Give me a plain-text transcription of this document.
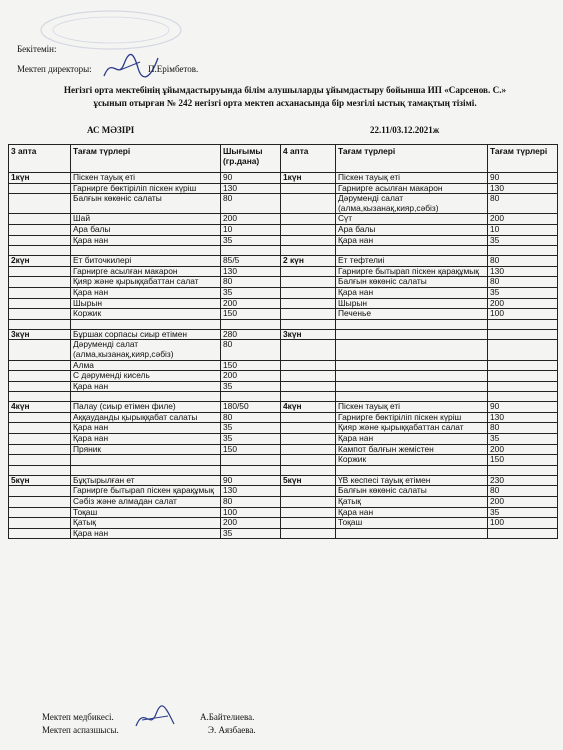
Бекітемін:
Мектеп директоры:	П.Ерімбетов.
Негізгі орта мектебінің ұйымдастыруында білім алушыларды ұйымдастыру бойынша ИП «Сарсенов. С.»
ұсынып отырған № 242 негізгі орта мектеп асханасында бір мезгілі ыстық тамақтың тізімі.
АС МӘЗІРІ	22.11/03.12.2021ж
3 апта	Тағам түрлері	Шығымы (гр.дана)	4 апта	Тағам түрлері	Тағам түрлері
1күн	Піскен тауық еті	90	1күн	Піскен тауық еті	90
	Гарнирге бөктіріліп піскен күріш	130		Гарнирге асылған макарон	130
	Балғын көкөніс салаты	80		Дәрумендi салат (алма,кызанақ,кияр,сәбіз)	80
	Шай	200		Сүт	200
	Ара балы	10		Ара балы	10
	Қара нан	35		Қара нан	35

2күн	Ет биточкилері	85/5	2 күн	Ет тефтелиі	80
	Гарнирге асылған макарон	130		Гарнирге бытырап піскен қарақұмық	130
	Қияр және қырыққабаттан салат	80		Балғын көкөніс салаты	80
	Қара нан	35		Қара нан	35
	Шырын	200		Шырын	200
	Коржик	150		Печенье	100

3күн	Бұршак сорпасы сиыр етімен	280	3күн		
	Дәрумендi салат (алма,кызанақ,кияр,сәбіз)	80			
	Алма	150			
	С дәрумендi кисель	200			
	Қара нан	35			

4күн	Палау (сиыр етімен филе)	180/50	4күн	Піскен тауық еті	90
	Аққауданды қырыққабат салаты	80		Гарнирге бөктіріліп піскен күріш	130
	Қара нан	35		Қияр және қырыққабаттан салат	80
	Қара нан	35		Қара нан	35
	Пряник	150		Кампот балғын жемістен	200
				Коржик	150

5күн	Бұқтырылған ет	90	5күн	ҮВ кеспесі тауық етімен	230
	Гарнирге бытырап піскен қарақұмық	130		Балғын көкөніс салаты	80
	Сәбіз және алмадан салат	80		Қатық	200
	Тоқаш	100		Қара нан	35
	Қатық	200		Тоқаш	100
	Қара нан	35			
Мектеп медбикесі.
Мектеп аспазшысы.
А.Байтелиева.
Э. Аязбаева.
